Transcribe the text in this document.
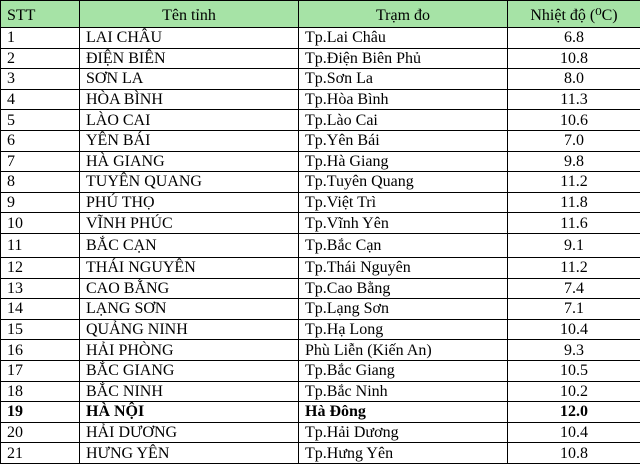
STT	Tên tỉnh	Trạm đo	Nhiệt độ (⁰C)
1	LAI CHÂU	Tp.Lai Châu	6.8
2	ĐIỆN BIÊN	Tp.Điện Biên Phủ	10.8
3	SƠN LA	Tp.Sơn La	8.0
4	HÒA BÌNH	Tp.Hòa Bình	11.3
5	LÀO CAI	Tp.Lào Cai	10.6
6	YÊN BÁI	Tp.Yên Bái	7.0
7	HÀ GIANG	Tp.Hà Giang	9.8
8	TUYÊN QUANG	Tp.Tuyên Quang	11.2
9	PHÚ THỌ	Tp.Việt Trì	11.8
10	VĨNH PHÚC	Tp.Vĩnh Yên	11.6
11	BẮC CẠN	Tp.Bắc Cạn	9.1
12	THÁI NGUYÊN	Tp.Thái Nguyên	11.2
13	CAO BẰNG	Tp.Cao Bằng	7.4
14	LẠNG SƠN	Tp.Lạng Sơn	7.1
15	QUẢNG NINH	Tp.Hạ Long	10.4
16	HẢI PHÒNG	Phù Liễn (Kiến An)	9.3
17	BẮC GIANG	Tp.Bắc Giang	10.5
18	BẮC NINH	Tp.Bắc Ninh	10.2
19	HÀ NỘI	Hà Đông	12.0
20	HẢI DƯƠNG	Tp.Hải Dương	10.4
21	HƯNG YÊN	Tp.Hưng Yên	10.8
